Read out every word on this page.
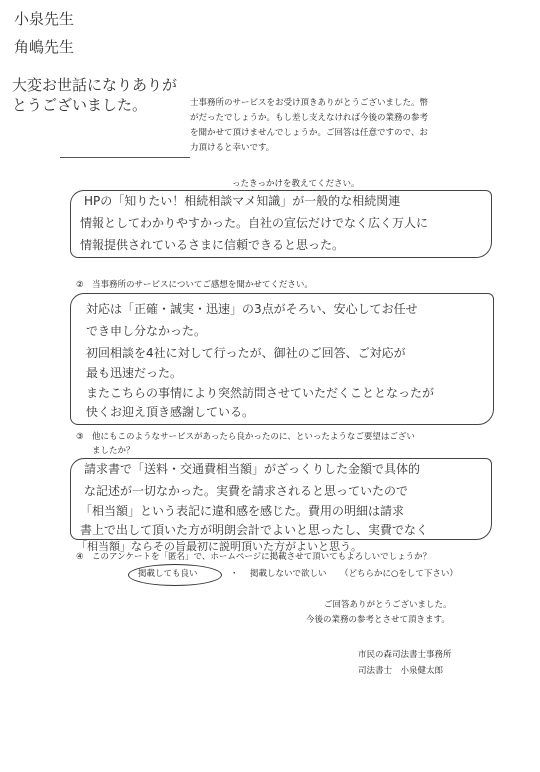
小泉先生
角嶋先生
大変お世話になりありが
とうございました。	士事務所のサービスをお受け頂きありがとうございました。幣
がだったでしょうか。もし差し支えなければ今後の業務の参考
を聞かせて頂けませんでしょうか。ご回答は任意ですので、お
力頂けると幸いです。
ったきっかけを教えてください。
HPの「知りたい！相続相談マメ知識」が一般的な相続関連
情報としてわかりやすかった。自社の宣伝だけでなく広く万人に
情報提供されているさまに信頼できると思った。
② 当事務所のサービスについてご感想を聞かせてください。
対応は「正確・誠実・迅速」の3点がそろい、安心してお任せ
でき申し分なかった。
初回相談を4社に対して行ったが、御社のご回答、ご対応が
最も迅速だった。
またこちらの事情により突然訪問させていただくこととなったが
快くお迎え頂き感謝している。
③ 他にもこのようなサービスがあったら良かったのに、といったようなご要望はござい
ましたか？
請求書で「送料・交通費相当額」がざっくりした金額で具体的
な記述が一切なかった。実費を請求されると思っていたので
「相当額」という表記に違和感を感じた。費用の明細は請求
書上で出して頂いた方が明朗会計でよいと思ったし、実費でなく
「相当額」ならその旨最初に説明頂いた方がよいと思う。
④ このアンケートを「匿名」で、ホームページに掲載させて頂いてもよろしいでしょうか？
掲載しても良い	・ 掲載しないで欲しい （どちらかに○をして下さい）
ご回答ありがとうございました。
今後の業務の参考とさせて頂きます。
市民の森司法書士事務所
司法書士　小泉健太郎
